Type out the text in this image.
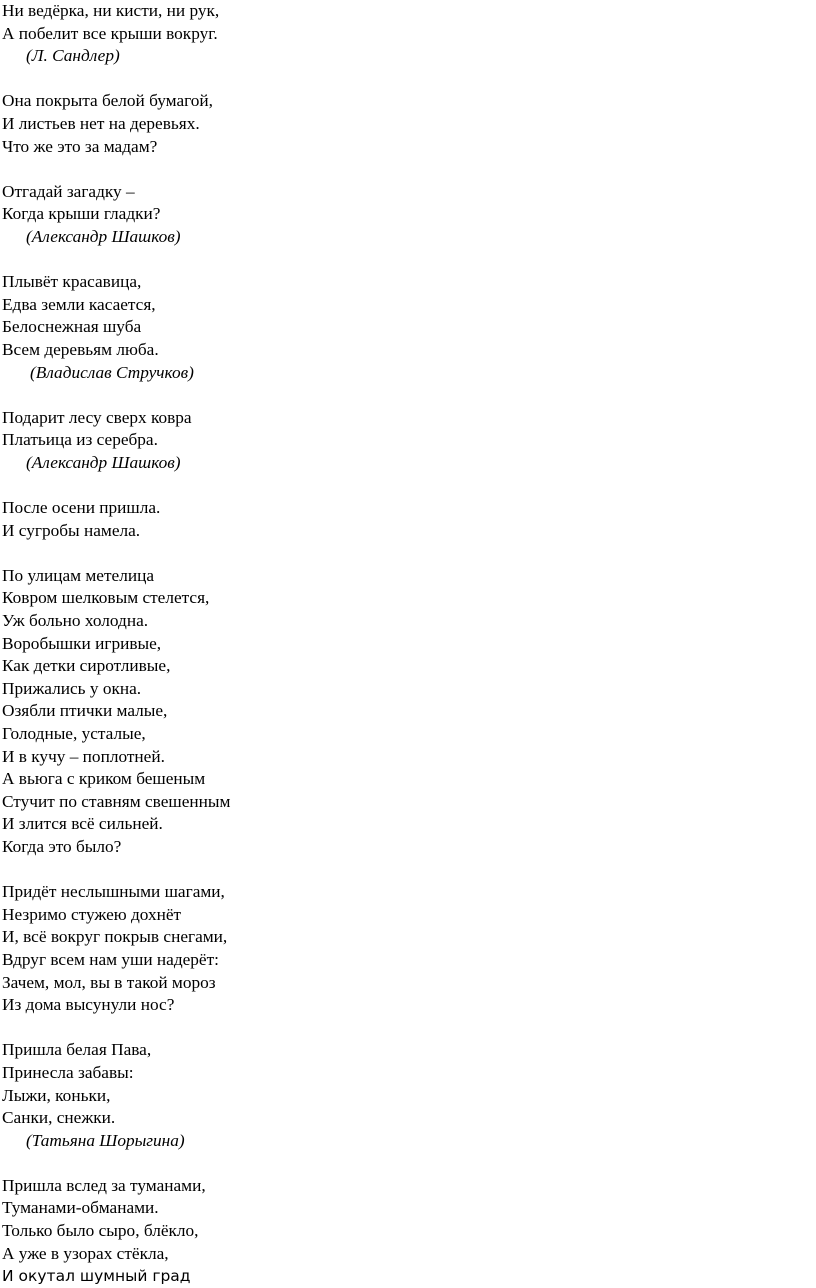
Ни ведёрка, ни кисти, ни рук,
А побелит все крыши вокруг.
(Л. Сандлер)
Она покрыта белой бумагой,
И листьев нет на деревьях.
Что же это за мадам?
Отгадай загадку –
Когда крыши гладки?
(Александр Шашков)
Плывёт красавица,
Едва земли касается,
Белоснежная шуба
Всем деревьям люба.
(Владислав Стручков)
Подарит лесу сверх ковра
Платьица из серебра.
(Александр Шашков)
После осени пришла.
И сугробы намела.
По улицам метелица
Ковром шелковым стелется,
Уж больно холодна.
Воробышки игривые,
Как детки сиротливые,
Прижались у окна.
Озябли птички малые,
Голодные, усталые,
И в кучу – поплотней.
А вьюга с криком бешеным
Стучит по ставням свешенным
И злится всё сильней.
Когда это было?
Придёт неслышными шагами,
Незримо стужею дохнёт
И, всё вокруг покрыв снегами,
Вдруг всем нам уши надерёт:
Зачем, мол, вы в такой мороз
Из дома высунули нос?
Пришла белая Пава,
Принесла забавы:
Лыжи, коньки,
Санки, снежки.
(Татьяна Шорыгина)
Пришла вслед за туманами,
Туманами-обманами.
Только было сыро, блёкло,
А уже в узорах стёкла,
И окутал шумный град
